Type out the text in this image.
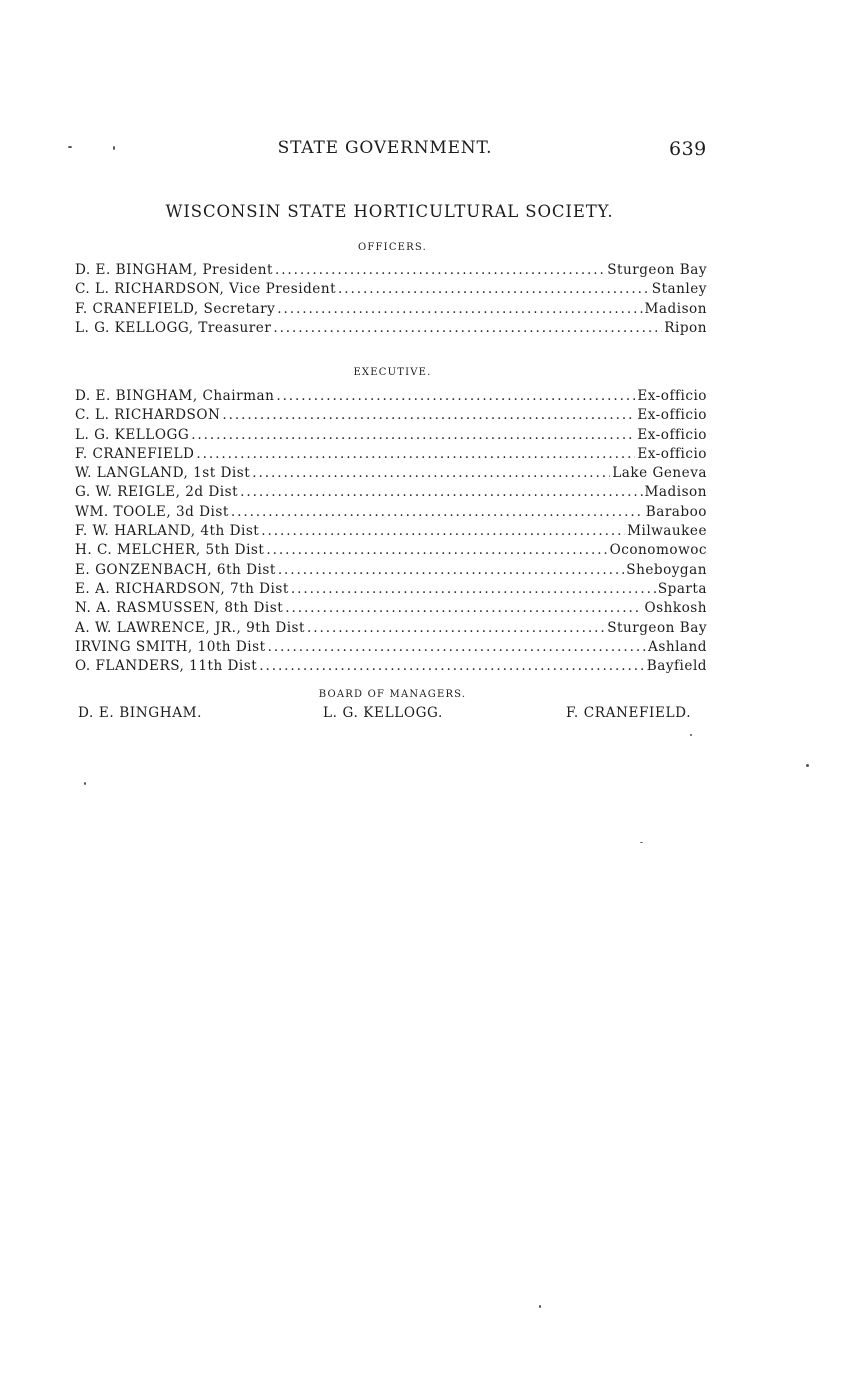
STATE GOVERNMENT.	639
WISCONSIN STATE HORTICULTURAL SOCIETY.
OFFICERS.
D. E. BINGHAM, President . . .	Sturgeon Bay
C. L. RICHARDSON, Vice President . . .	Stanley
F. CRANEFIELD, Secretary . . .	Madison
L. G. KELLOGG, Treasurer . . .	Ripon
EXECUTIVE.
D. E. BINGHAM, Chairman . . .	Ex-officio
C. L. RICHARDSON . . .	Ex-officio
L. G. KELLOGG . . .	Ex-officio
F. CRANEFIELD . . .	Ex-officio
W. LANGLAND, 1st Dist . . .	Lake Geneva
G. W. REIGLE, 2d Dist . . .	Madison
WM. TOOLE, 3d Dist . . .	Baraboo
F. W. HARLAND, 4th Dist . . .	Milwaukee
H. C. MELCHER, 5th Dist . . .	Oconomowoc
E. GONZENBACH, 6th Dist . . .	Sheboygan
E. A. RICHARDSON, 7th Dist . . .	Sparta
N. A. RASMUSSEN, 8th Dist . . .	Oshkosh
A. W. LAWRENCE, JR., 9th Dist . . .	Sturgeon Bay
IRVING SMITH, 10th Dist . . .	Ashland
O. FLANDERS, 11th Dist . . .	Bayfield
BOARD OF MANAGERS.
D. E. BINGHAM.	L. G. KELLOGG.	F. CRANEFIELD.
